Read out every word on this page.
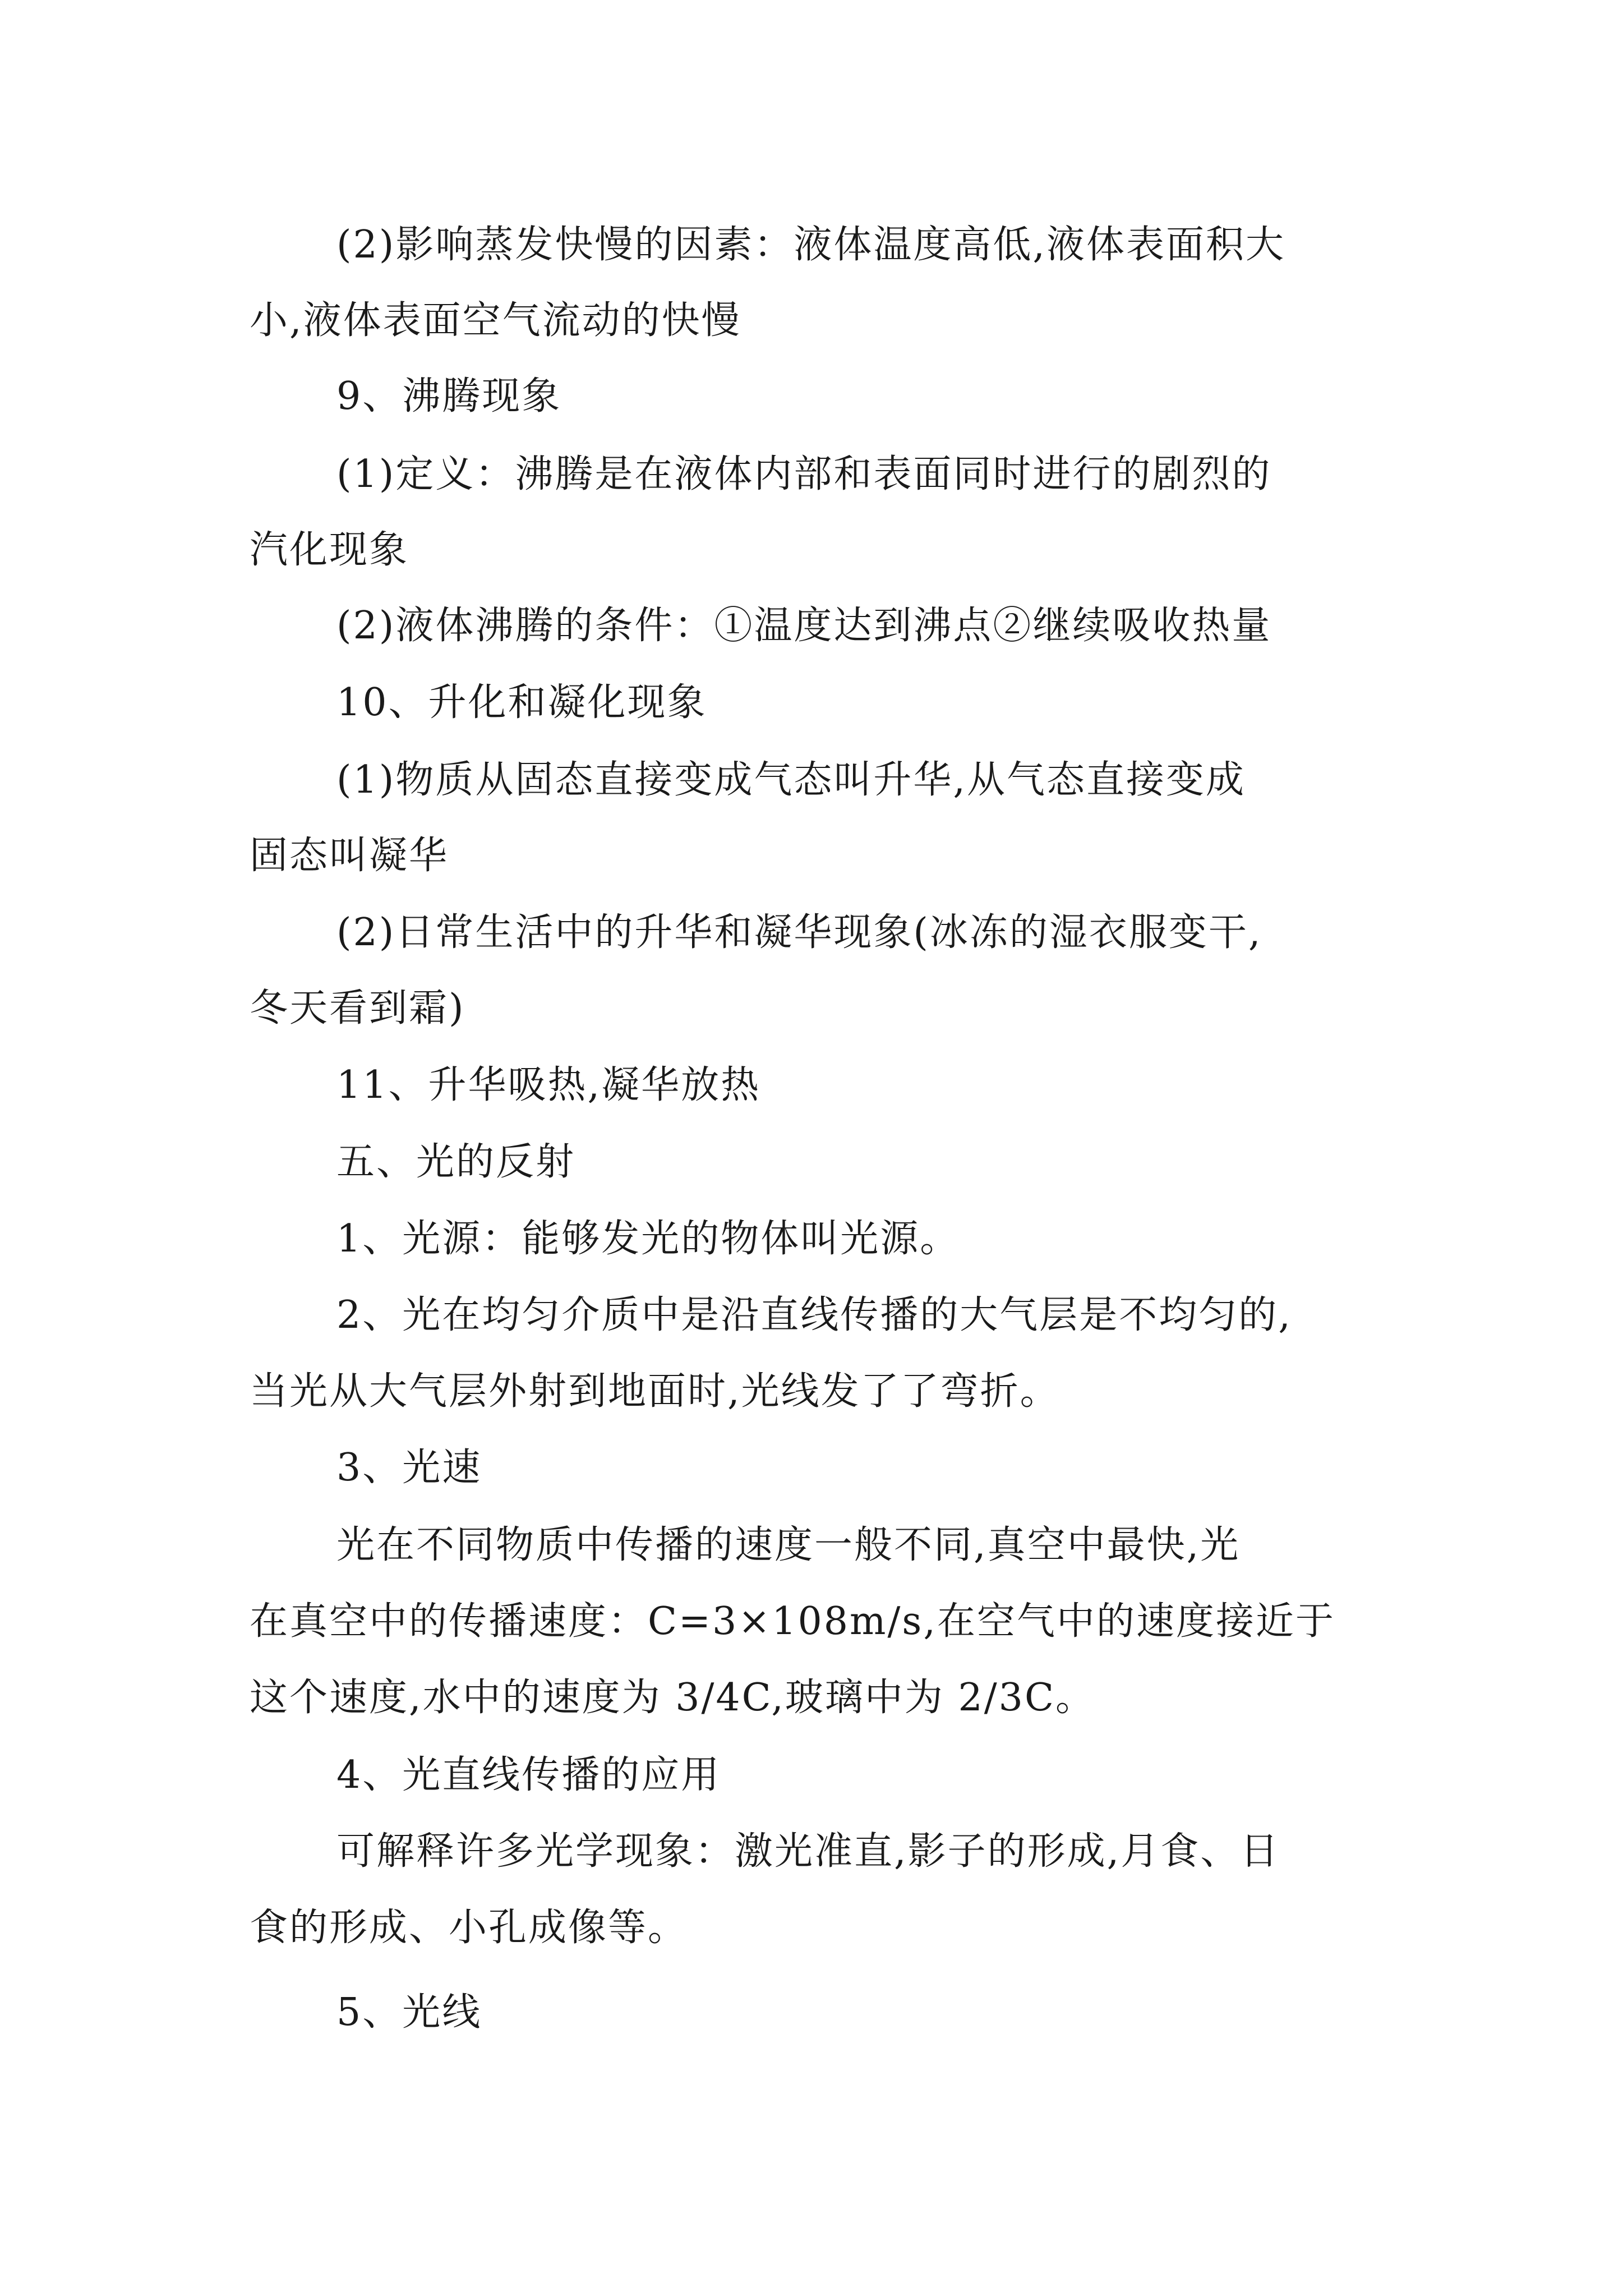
(2)影响蒸发快慢的因素：液体温度高低,液体表面积大

小,液体表面空气流动的快慢

9、沸腾现象

(1)定义：沸腾是在液体内部和表面同时进行的剧烈的

汽化现象

(2)液体沸腾的条件：①温度达到沸点②继续吸收热量

10、升化和凝化现象

(1)物质从固态直接变成气态叫升华,从气态直接变成

固态叫凝华

(2)日常生活中的升华和凝华现象(冰冻的湿衣服变干,

冬天看到霜)

11、升华吸热,凝华放热

五、光的反射

1、光源：能够发光的物体叫光源。

2、光在均匀介质中是沿直线传播的大气层是不均匀的,

当光从大气层外射到地面时,光线发了了弯折。

3、光速

光在不同物质中传播的速度一般不同,真空中最快,光

在真空中的传播速度：C=3×108m/s,在空气中的速度接近于

这个速度,水中的速度为 3/4C,玻璃中为 2/3C。

4、光直线传播的应用

可解释许多光学现象：激光准直,影子的形成,月食、日

食的形成、小孔成像等。

5、光线
